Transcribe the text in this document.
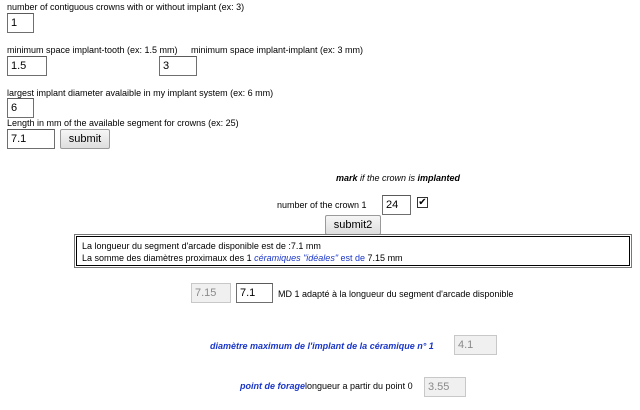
number of contiguous crowns with or without implant (ex: 3)
1
minimum space implant-tooth (ex: 1.5 mm) minimum space implant-implant (ex: 3 mm)
1.5
3
largest implant diameter avalaible in my implant system (ex: 6 mm)
6
Length in mm of the available segment for crowns (ex: 25)
7.1
submit
mark if the crown is implanted
number of the crown 1
24	✔
submit2
La longueur du segment d'arcade disponible est de :7.1 mm
La somme des diamètres proximaux des 1 céramiques "idéales" est de 7.15 mm
7.15
7.1
MD 1 adapté à la longueur du segment d'arcade disponible
diamètre maximum de l'implant de la céramique n° 1
4.1
point de foragelongueur a partir du point 0
3.55
